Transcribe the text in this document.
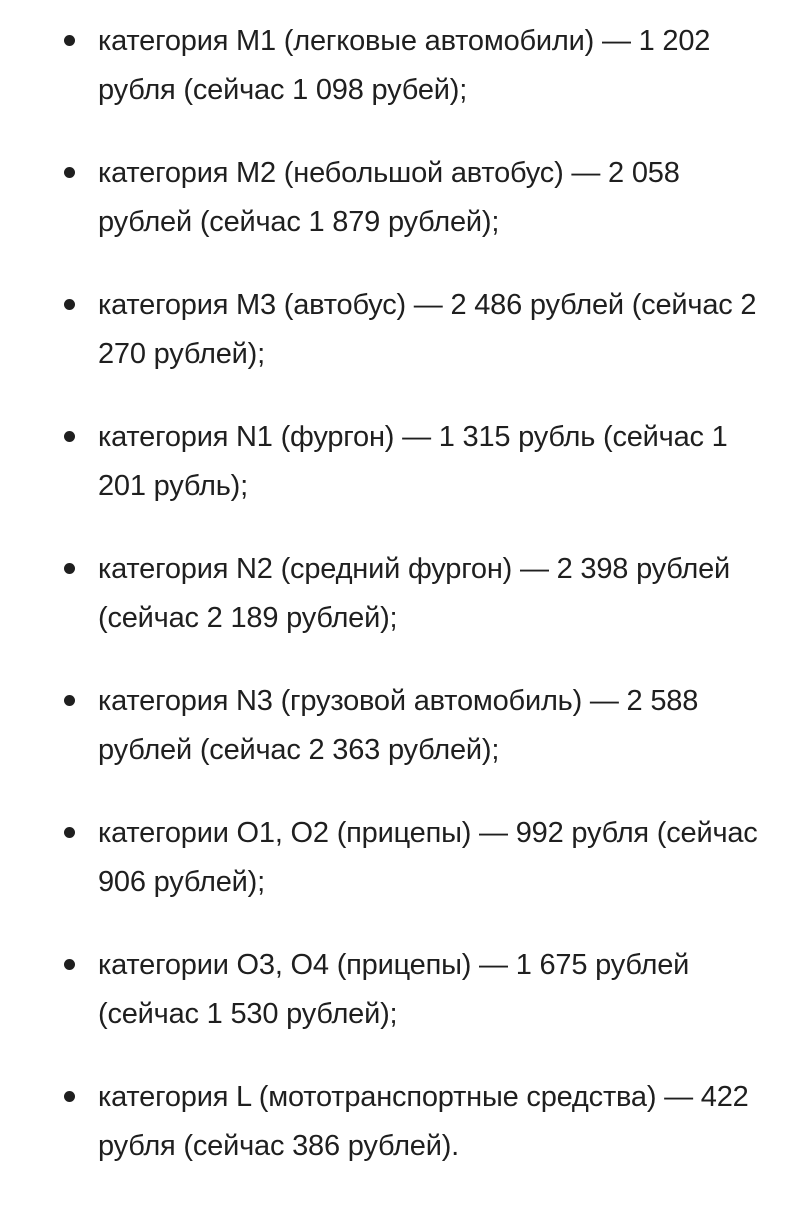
категория М1 (легковые автомобили) — 1 202 рубля (сейчас 1 098 рубей);
категория М2 (небольшой автобус) — 2 058 рублей (сейчас 1 879 рублей);
категория М3 (автобус) — 2 486 рублей (сейчас 2 270 рублей);
категория N1 (фургон) — 1 315 рубль (сейчас 1 201 рубль);
категория N2 (средний фургон) — 2 398 рублей (сейчас 2 189 рублей);
категория N3 (грузовой автомобиль) — 2 588 рублей (сейчас 2 363 рублей);
категории О1, О2 (прицепы) — 992 рубля (сейчас 906 рублей);
категории О3, О4 (прицепы) — 1 675 рублей (сейчас 1 530 рублей);
категория L (мототранспортные средства) — 422 рубля (сейчас 386 рублей).
